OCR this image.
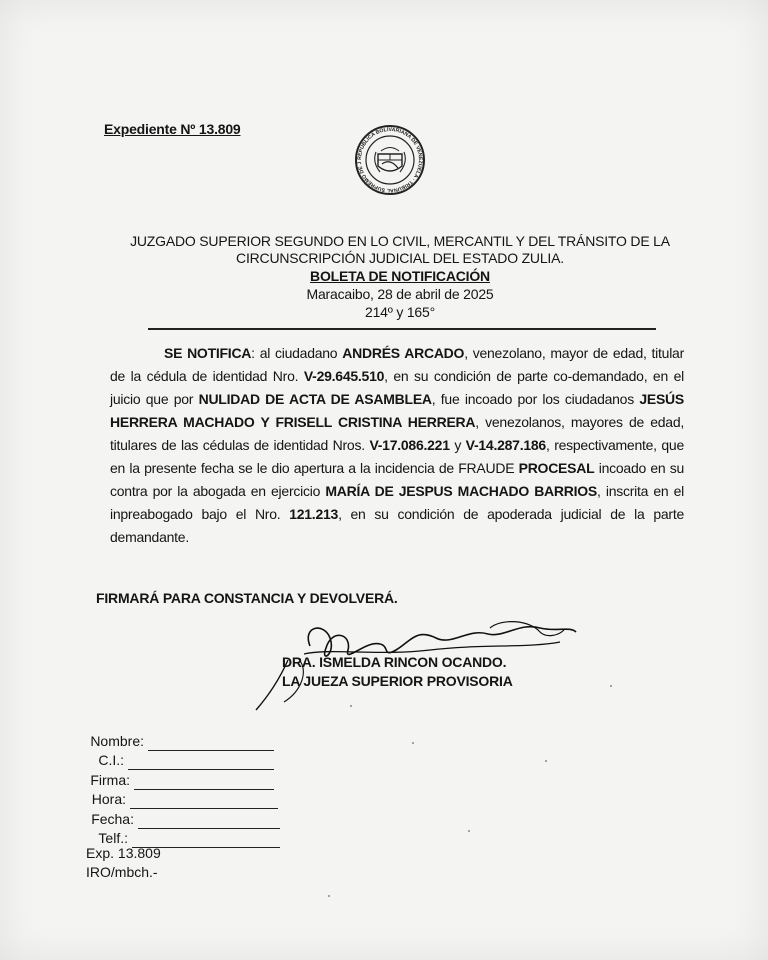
Expediente Nº 13.809
REPÚBLICA BOLIVARIANA DE VENEZUELA · TRIBUNAL SUPREMO DE J
JUZGADO SUPERIOR SEGUNDO EN LO CIVIL, MERCANTIL Y DEL TRÁNSITO DE LA
CIRCUNSCRIPCIÓN JUDICIAL DEL ESTADO ZULIA.
BOLETA DE NOTIFICACIÓN
Maracaibo, 28 de abril de 2025
214º y 165°

SE NOTIFICA: al ciudadano ANDRÉS ARCADO, venezolano, mayor de edad, titular de la cédula de identidad Nro. V-29.645.510, en su condición de parte co-demandado, en el juicio que por NULIDAD DE ACTA DE ASAMBLEA, fue incoado por los ciudadanos JESÚS HERRERA MACHADO Y FRISELL CRISTINA HERRERA, venezolanos, mayores de edad, titulares de las cédulas de identidad Nros. V-17.086.221 y V-14.287.186, respectivamente, que en la presente fecha se le dio apertura a la incidencia de FRAUDE PROCESAL incoado en su contra por la abogada en ejercicio MARÍA DE JESPUS MACHADO BARRIOS, inscrita en el inpreabogado bajo el Nro. 121.213, en su condición de apoderada judicial de la parte demandante.

FIRMARÁ PARA CONSTANCIA Y DEVOLVERÁ.
DRA. ISMELDA RINCON OCANDO.
LA JUEZA SUPERIOR PROVISORIA
Nombre:
C.I.:
Firma:
Hora:
Fecha:
Telf.:
Exp. 13.809
IRO/mbch.-
